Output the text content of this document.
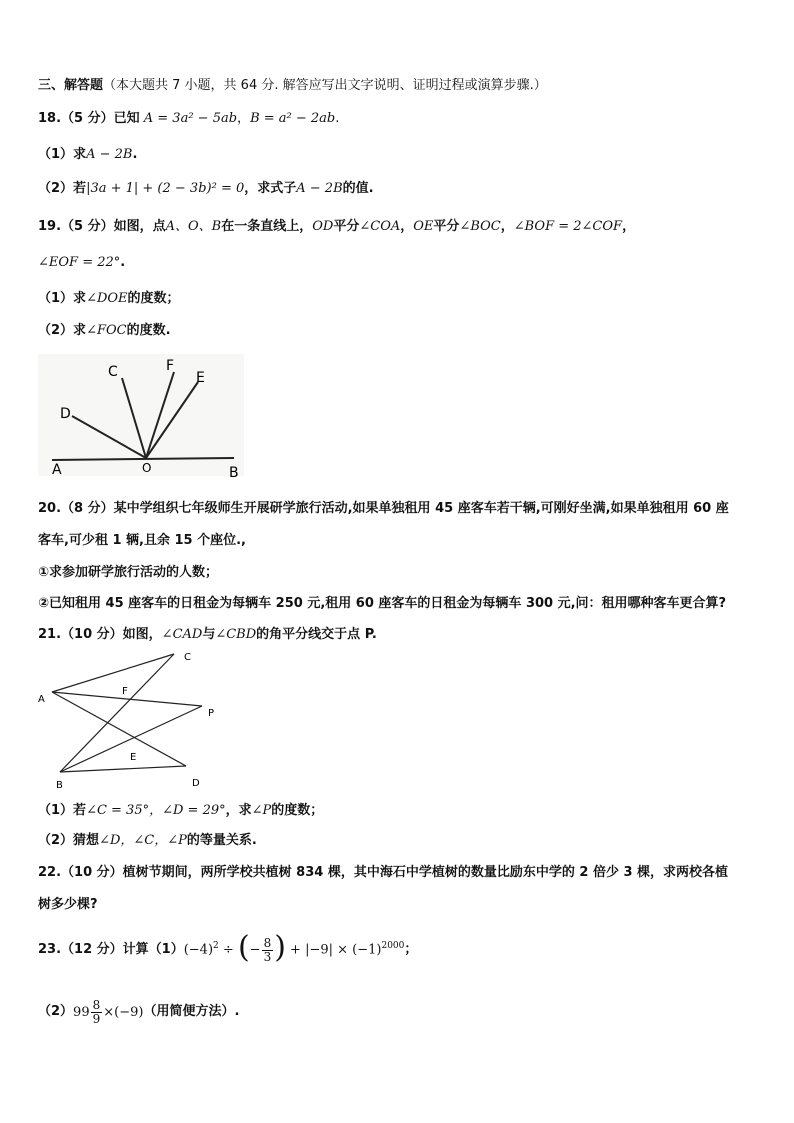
三、解答题（本大题共 7 小题，共 64 分. 解答应写出文字说明、证明过程或演算步骤.）
18.（5 分）已知 A = 3a² − 5ab，B = a² − 2ab.
（1）求A − 2B.
（2）若|3a + 1| + (2 − 3b)² = 0，求式子A − 2B的值.
19.（5 分）如图，点A、O、B在一条直线上，OD平分∠COA，OE平分∠BOC，∠BOF = 2∠COF，
∠EOF = 22°.
（1）求∠DOE的度数；
（2）求∠FOC的度数.
A	O	B
C
D
F
E
20.（8 分）某中学组织七年级师生开展研学旅行活动,如果单独租用 45 座客车若干辆,可刚好坐满,如果单独租用 60 座
客车,可少租 1 辆,且余 15 个座位.,
①求参加研学旅行活动的人数；
②已知租用 45 座客车的日租金为每辆车 250 元,租用 60 座客车的日租金为每辆车 300 元,问：租用哪种客车更合算?
21.（10 分）如图，∠CAD与∠CBD的角平分线交于点 P.
A
B
C
D
E
F
P
（1）若∠C = 35°，∠D = 29°，求∠P的度数；
（2）猜想∠D，∠C，∠P的等量关系.
22.（10 分）植树节期间，两所学校共植树 834 棵，其中海石中学植树的数量比励东中学的 2 倍少 3 棵，求两校各植
树多少棵?
23. （12 分） 计算 （1） $(-4)^2$ ÷ (− $\frac{8}{3}$ ) + $|-9| \times (-1)^{2000}$ ；
（2） $99 \frac{8}{9} \times(-9)$ （用简便方法）.
